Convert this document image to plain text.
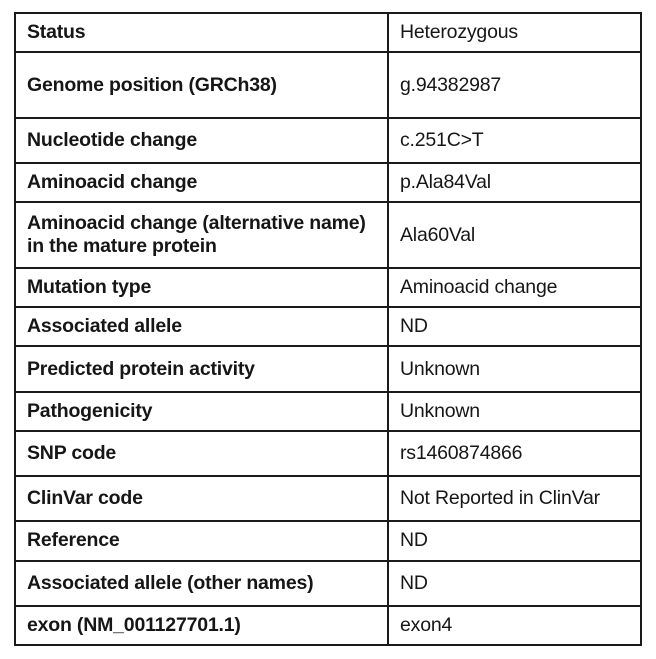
Status	Heterozygous
Genome position (GRCh38)	g.94382987
Nucleotide change	c.251C>T
Aminoacid change	p.Ala84Val
Aminoacid change (alternative name) in the mature protein	Ala60Val
Mutation type	Aminoacid change
Associated allele	ND
Predicted protein activity	Unknown
Pathogenicity	Unknown
SNP code	rs1460874866
ClinVar code	Not Reported in ClinVar
Reference	ND
Associated allele (other names)	ND
exon (NM_001127701.1)	exon4
